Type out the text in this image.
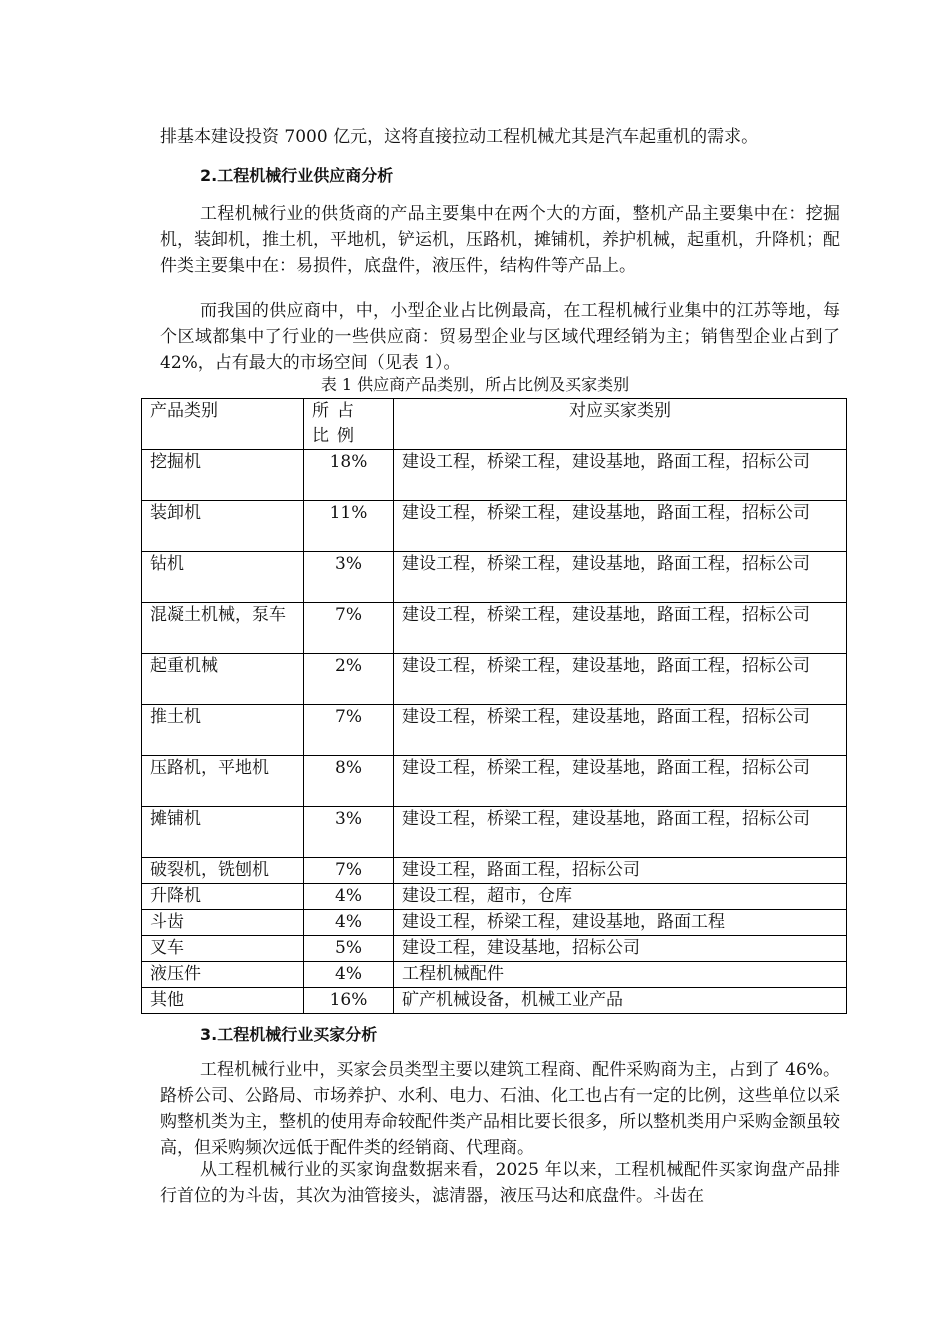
排基本建设投资 7000 亿元，这将直接拉动工程机械尤其是汽车起重机的需求。

2.工程机械行业供应商分析

工程机械行业的供货商的产品主要集中在两个大的方面，整机产品主要集中在：挖掘机，装卸机，推土机，平地机，铲运机，压路机，摊铺机，养护机械，起重机，升降机；配件类主要集中在：易损件，底盘件，液压件，结构件等产品上。

而我国的供应商中，中，小型企业占比例最高，在工程机械行业集中的江苏等地，每个区域都集中了行业的一些供应商：贸易型企业与区域代理经销为主；销售型企业占到了 42%，占有最大的市场空间（见表 1）。

表 1 供应商产品类别，所占比例及买家类别
产品类别	所占比例	对应买家类别
挖掘机	18%	建设工程，桥梁工程，建设基地，路面工程，招标公司
装卸机	11%	建设工程，桥梁工程，建设基地，路面工程，招标公司
钻机	3%	建设工程，桥梁工程，建设基地，路面工程，招标公司
混凝土机械，泵车	7%	建设工程，桥梁工程，建设基地，路面工程，招标公司
起重机械	2%	建设工程，桥梁工程，建设基地，路面工程，招标公司
推土机	7%	建设工程，桥梁工程，建设基地，路面工程，招标公司
压路机，平地机	8%	建设工程，桥梁工程，建设基地，路面工程，招标公司
摊铺机	3%	建设工程，桥梁工程，建设基地，路面工程，招标公司
破裂机，铣刨机	7%	建设工程，路面工程，招标公司
升降机	4%	建设工程，超市，仓库
斗齿	4%	建设工程，桥梁工程，建设基地，路面工程
叉车	5%	建设工程，建设基地，招标公司
液压件	4%	工程机械配件
其他	16%	矿产机械设备，机械工业产品
3.工程机械行业买家分析

工程机械行业中，买家会员类型主要以建筑工程商、配件采购商为主，占到了 46%。路桥公司、公路局、市场养护、水利、电力、石油、化工也占有一定的比例，这些单位以采购整机类为主，整机的使用寿命较配件类产品相比要长很多，所以整机类用户采购金额虽较高，但采购频次远低于配件类的经销商、代理商。

从工程机械行业的买家询盘数据来看，2025 年以来，工程机械配件买家询盘产品排行首位的为斗齿，其次为油管接头，滤清器，液压马达和底盘件。斗齿在
